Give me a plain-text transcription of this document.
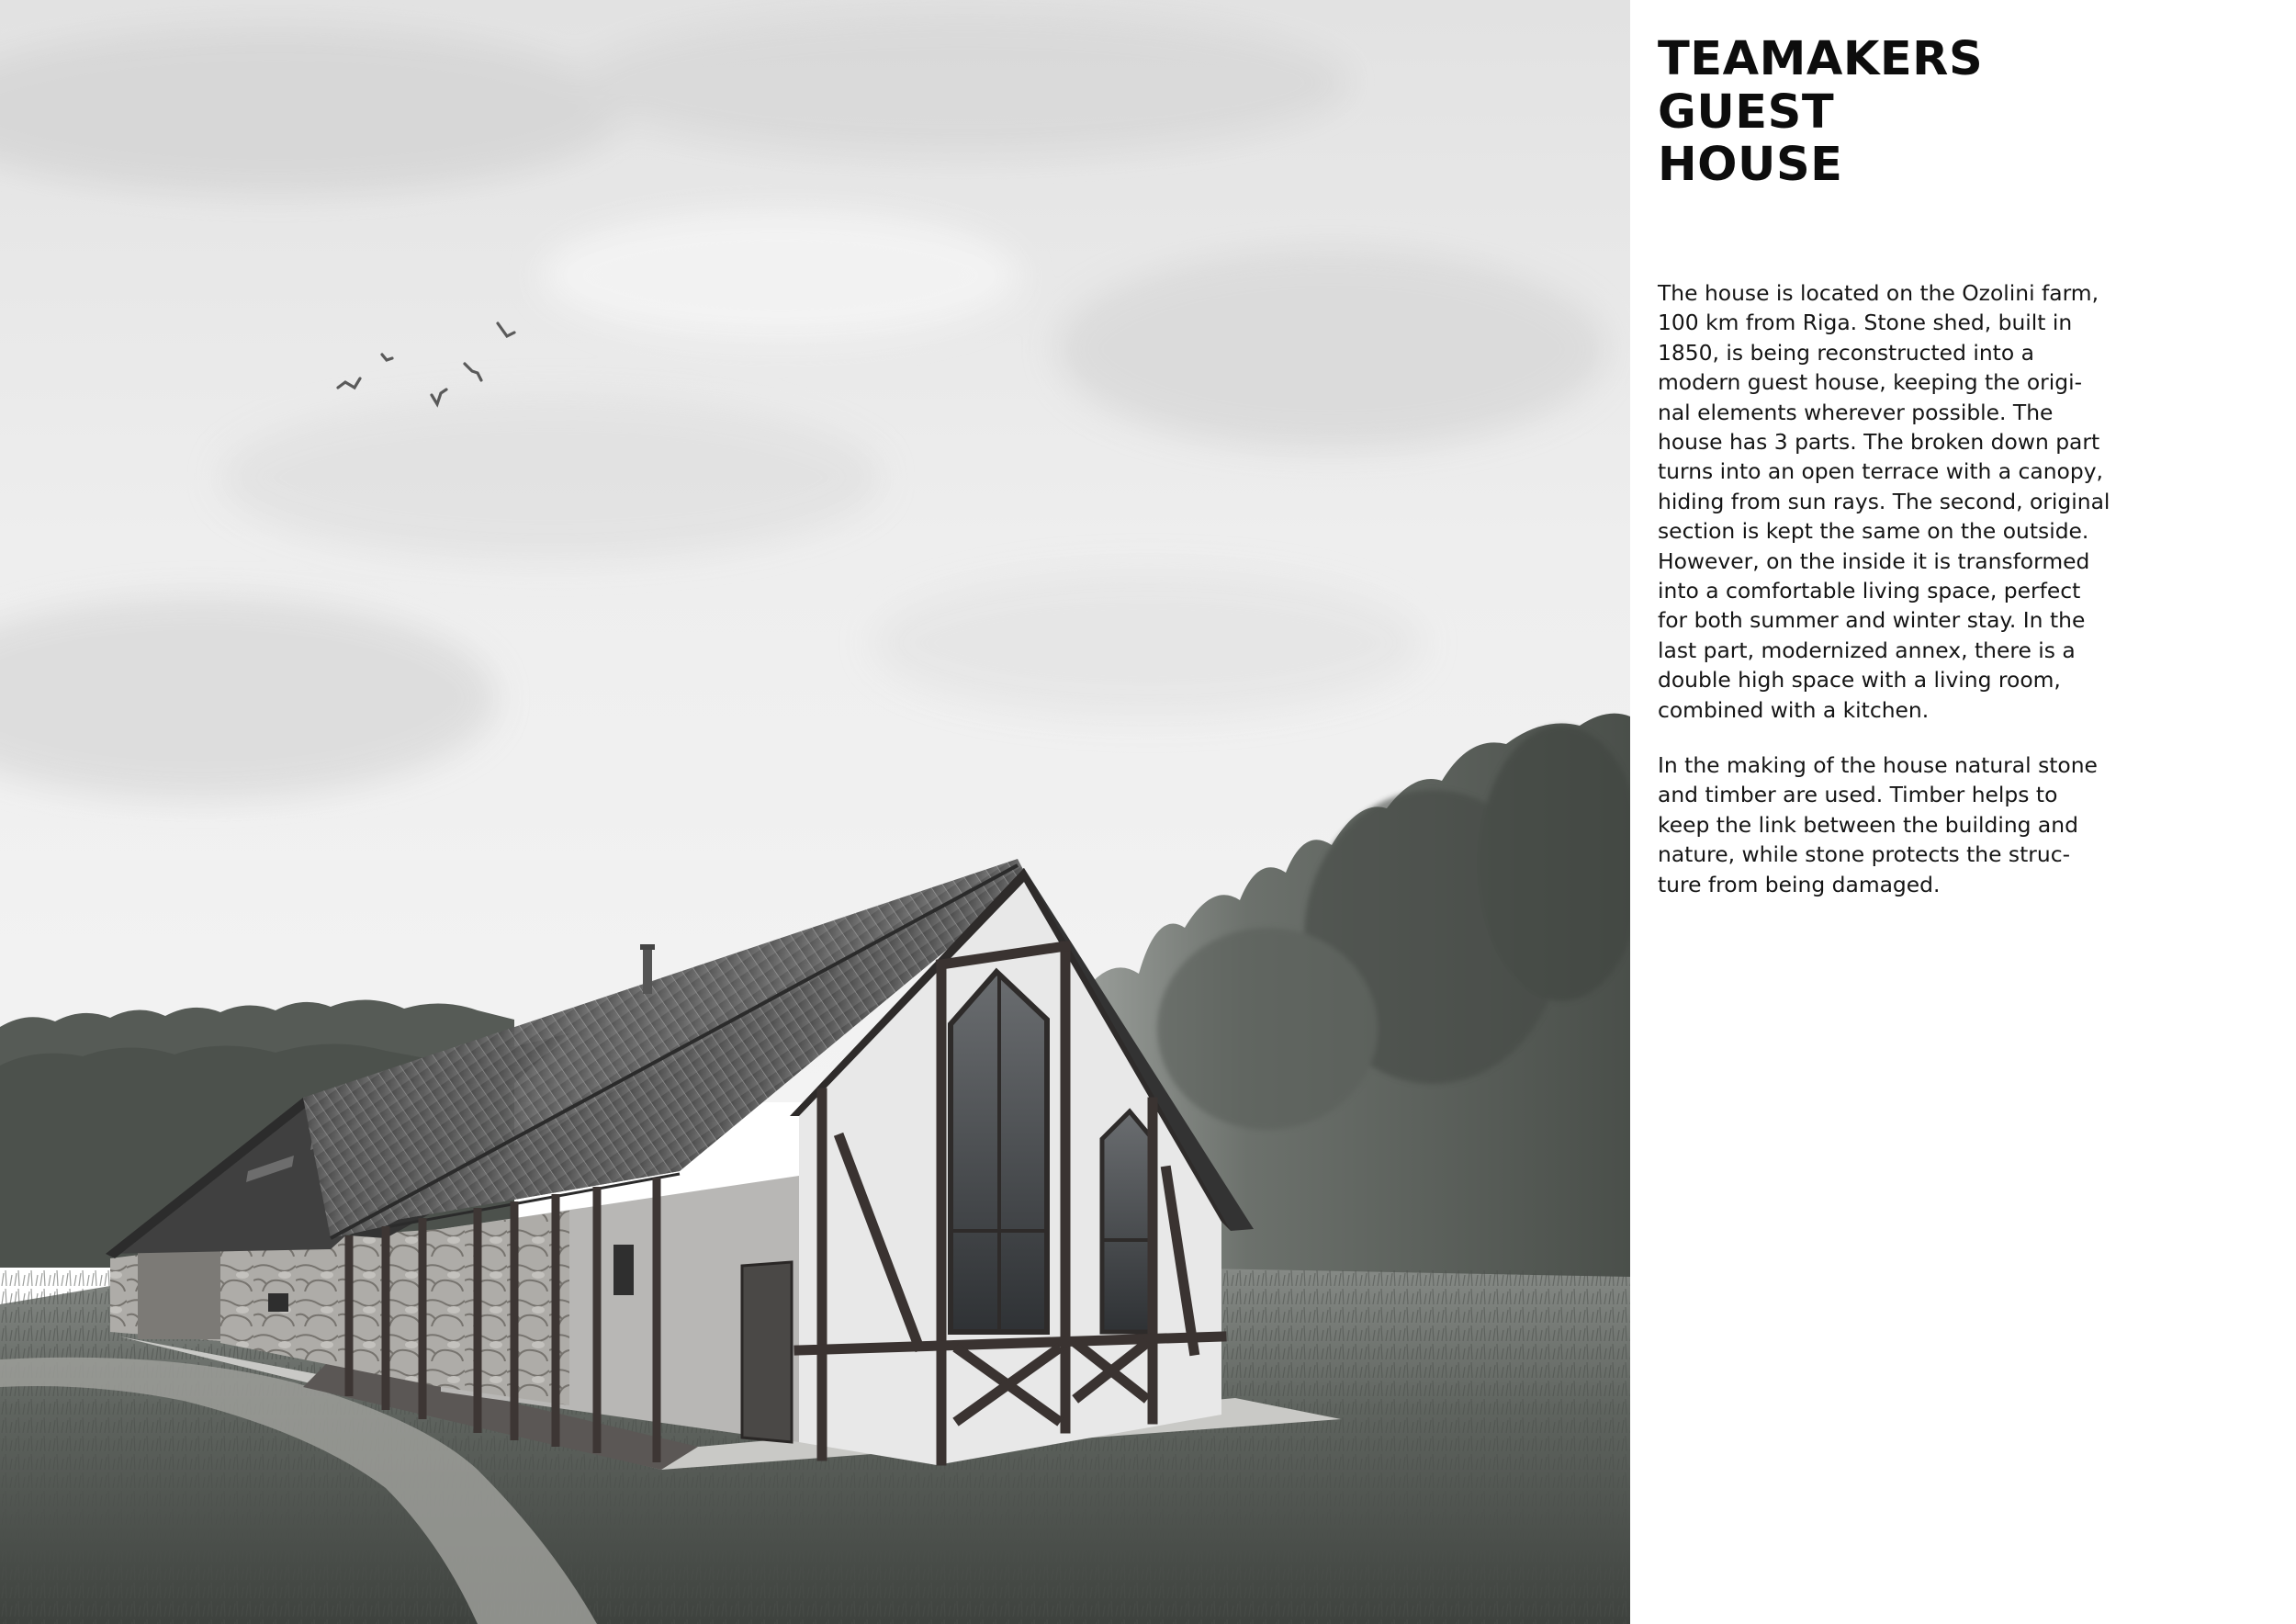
TEAMAKERS
GUEST
HOUSE

The house is located on the Ozolini farm,
100 km from Riga. Stone shed, built in
1850, is being reconstructed into a
modern guest house, keeping the origi-
nal elements wherever possible. The
house has 3 parts. The broken down part
turns into an open terrace with a canopy,
hiding from sun rays. The second, original
section is kept the same on the outside.
However, on the inside it is transformed
into a comfortable living space, perfect
for both summer and winter stay. In the
last part, modernized annex, there is a
double high space with a living room,
combined with a kitchen.

In the making of the house natural stone
and timber are used. Timber helps to
keep the link between the building and
nature, while stone protects the struc-
ture from being damaged.
